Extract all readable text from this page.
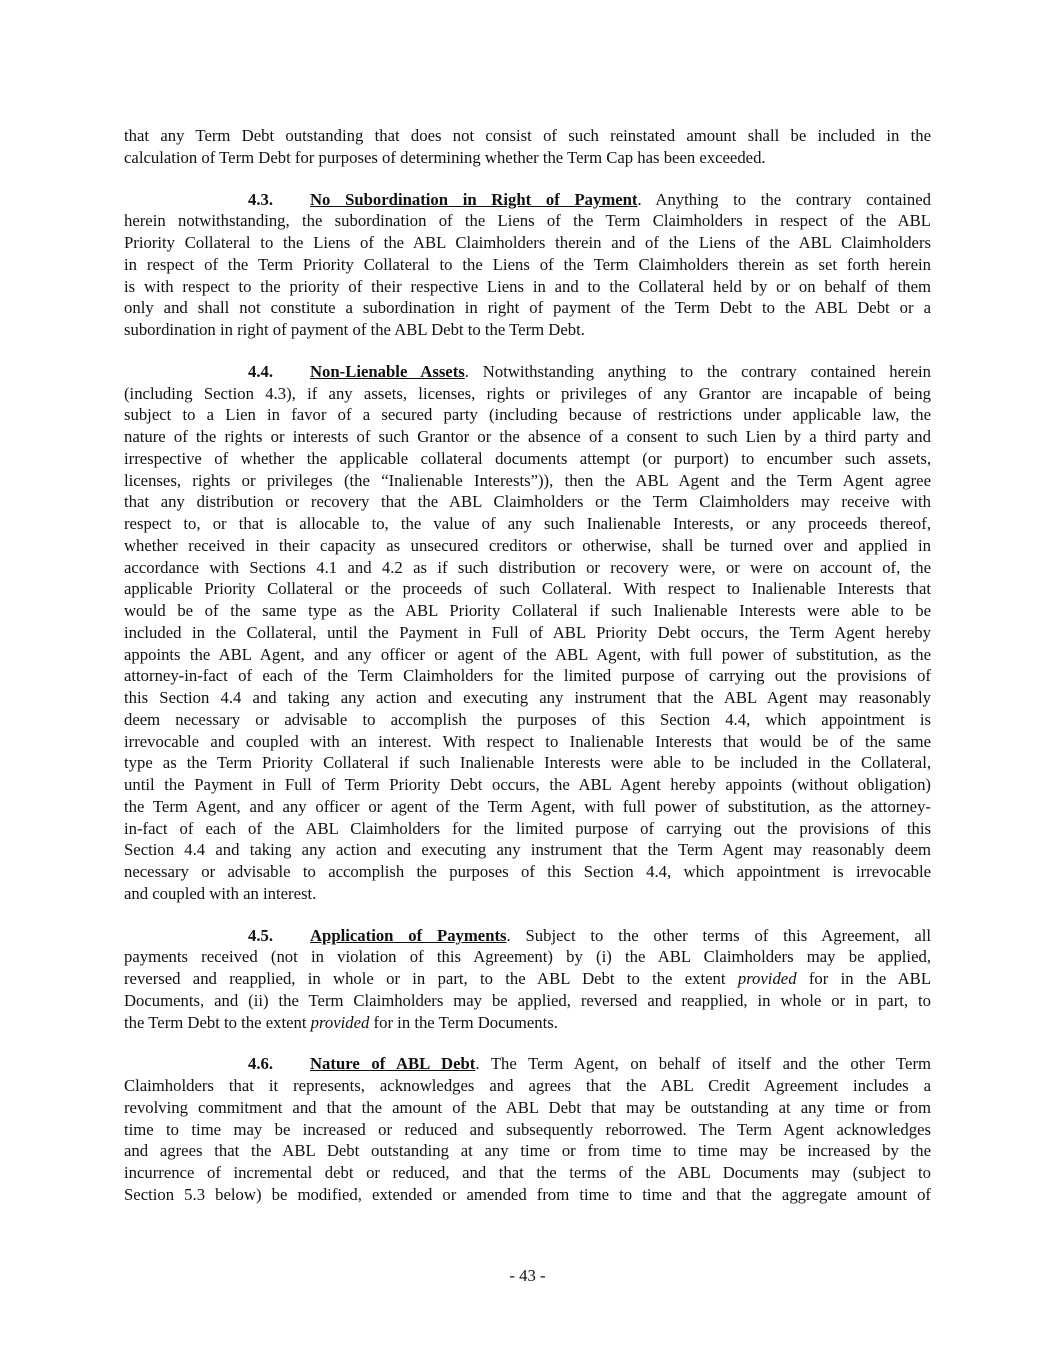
that any Term Debt outstanding that does not consist of such reinstated amount shall be included in the
calculation of Term Debt for purposes of determining whether the Term Cap has been exceeded.
4.3. No Subordination in Right of Payment. Anything to the contrary contained
herein notwithstanding, the subordination of the Liens of the Term Claimholders in respect of the ABL
Priority Collateral to the Liens of the ABL Claimholders therein and of the Liens of the ABL Claimholders
in respect of the Term Priority Collateral to the Liens of the Term Claimholders therein as set forth herein
is with respect to the priority of their respective Liens in and to the Collateral held by or on behalf of them
only and shall not constitute a subordination in right of payment of the Term Debt to the ABL Debt or a
subordination in right of payment of the ABL Debt to the Term Debt.
4.4. Non-Lienable Assets. Notwithstanding anything to the contrary contained herein
(including Section 4.3), if any assets, licenses, rights or privileges of any Grantor are incapable of being
subject to a Lien in favor of a secured party (including because of restrictions under applicable law, the
nature of the rights or interests of such Grantor or the absence of a consent to such Lien by a third party and
irrespective of whether the applicable collateral documents attempt (or purport) to encumber such assets,
licenses, rights or privileges (the “Inalienable Interests”)), then the ABL Agent and the Term Agent agree
that any distribution or recovery that the ABL Claimholders or the Term Claimholders may receive with
respect to, or that is allocable to, the value of any such Inalienable Interests, or any proceeds thereof,
whether received in their capacity as unsecured creditors or otherwise, shall be turned over and applied in
accordance with Sections 4.1 and 4.2 as if such distribution or recovery were, or were on account of, the
applicable Priority Collateral or the proceeds of such Collateral. With respect to Inalienable Interests that
would be of the same type as the ABL Priority Collateral if such Inalienable Interests were able to be
included in the Collateral, until the Payment in Full of ABL Priority Debt occurs, the Term Agent hereby
appoints the ABL Agent, and any officer or agent of the ABL Agent, with full power of substitution, as the
attorney-in-fact of each of the Term Claimholders for the limited purpose of carrying out the provisions of
this Section 4.4 and taking any action and executing any instrument that the ABL Agent may reasonably
deem necessary or advisable to accomplish the purposes of this Section 4.4, which appointment is
irrevocable and coupled with an interest. With respect to Inalienable Interests that would be of the same
type as the Term Priority Collateral if such Inalienable Interests were able to be included in the Collateral,
until the Payment in Full of Term Priority Debt occurs, the ABL Agent hereby appoints (without obligation)
the Term Agent, and any officer or agent of the Term Agent, with full power of substitution, as the attorney-
in-fact of each of the ABL Claimholders for the limited purpose of carrying out the provisions of this
Section 4.4 and taking any action and executing any instrument that the Term Agent may reasonably deem
necessary or advisable to accomplish the purposes of this Section 4.4, which appointment is irrevocable
and coupled with an interest.
4.5. Application of Payments. Subject to the other terms of this Agreement, all
payments received (not in violation of this Agreement) by (i) the ABL Claimholders may be applied,
reversed and reapplied, in whole or in part, to the ABL Debt to the extent provided for in the ABL
Documents, and (ii) the Term Claimholders may be applied, reversed and reapplied, in whole or in part, to
the Term Debt to the extent provided for in the Term Documents.
4.6. Nature of ABL Debt. The Term Agent, on behalf of itself and the other Term
Claimholders that it represents, acknowledges and agrees that the ABL Credit Agreement includes a
revolving commitment and that the amount of the ABL Debt that may be outstanding at any time or from
time to time may be increased or reduced and subsequently reborrowed. The Term Agent acknowledges
and agrees that the ABL Debt outstanding at any time or from time to time may be increased by the
incurrence of incremental debt or reduced, and that the terms of the ABL Documents may (subject to
Section 5.3 below) be modified, extended or amended from time to time and that the aggregate amount of
- 43 -
